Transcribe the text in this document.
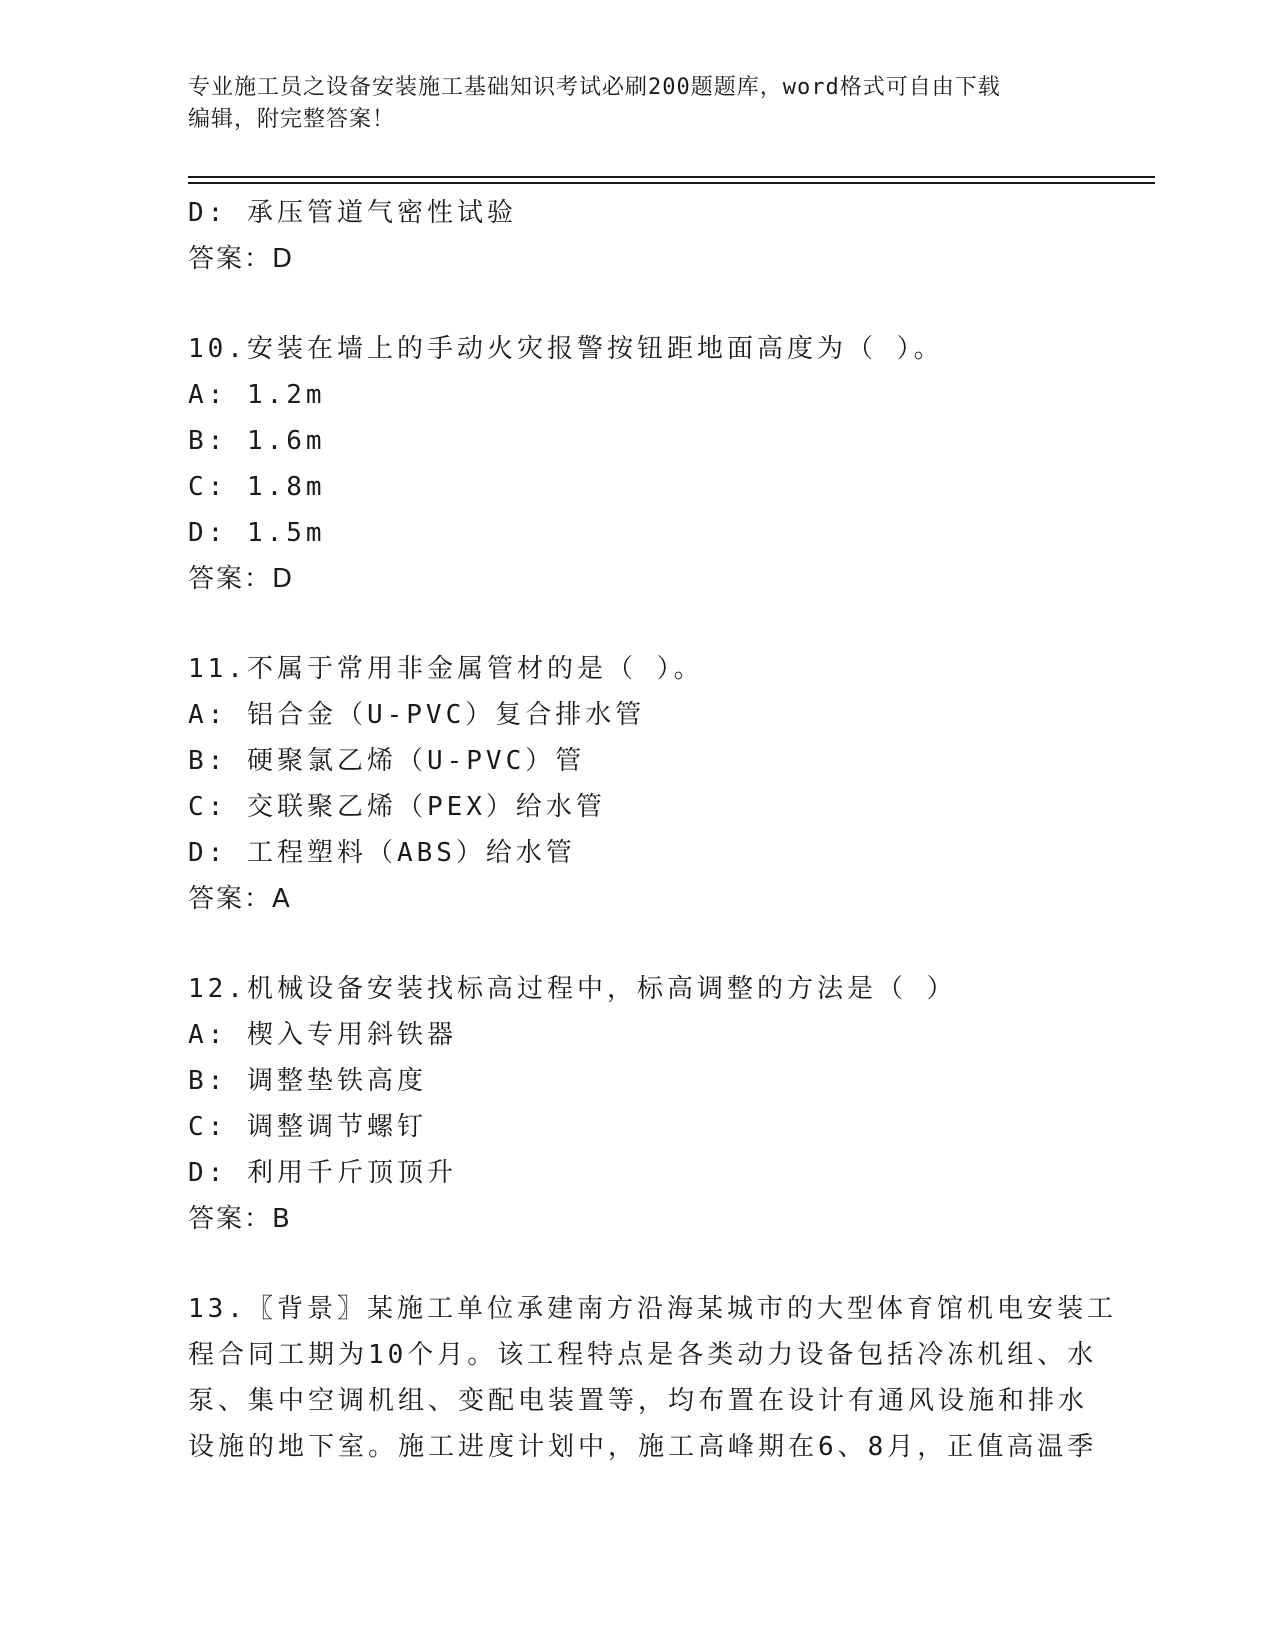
专业施工员之设备安装施工基础知识考试必刷200题题库，word格式可自由下载
编辑，附完整答案！
D: 承压管道气密性试验
答案：D
10.安装在墙上的手动火灾报警按钮距地面高度为（ ）。
A: 1.2m
B: 1.6m
C: 1.8m
D: 1.5m
答案：D
11.不属于常用非金属管材的是（ ）。
A: 铝合金（U-PVC）复合排水管
B: 硬聚氯乙烯（U-PVC）管
C: 交联聚乙烯（PEX）给水管
D: 工程塑料（ABS）给水管
答案：A
12.机械设备安装找标高过程中，标高调整的方法是（ ）
A: 楔入专用斜铁器
B: 调整垫铁高度
C: 调整调节螺钉
D: 利用千斤顶顶升
答案：B
13.〖背景〗某施工单位承建南方沿海某城市的大型体育馆机电安装工
程合同工期为10个月。该工程特点是各类动力设备包括冷冻机组、水
泵、集中空调机组、变配电装置等，均布置在设计有通风设施和排水
设施的地下室。施工进度计划中，施工高峰期在6、8月，正值高温季
